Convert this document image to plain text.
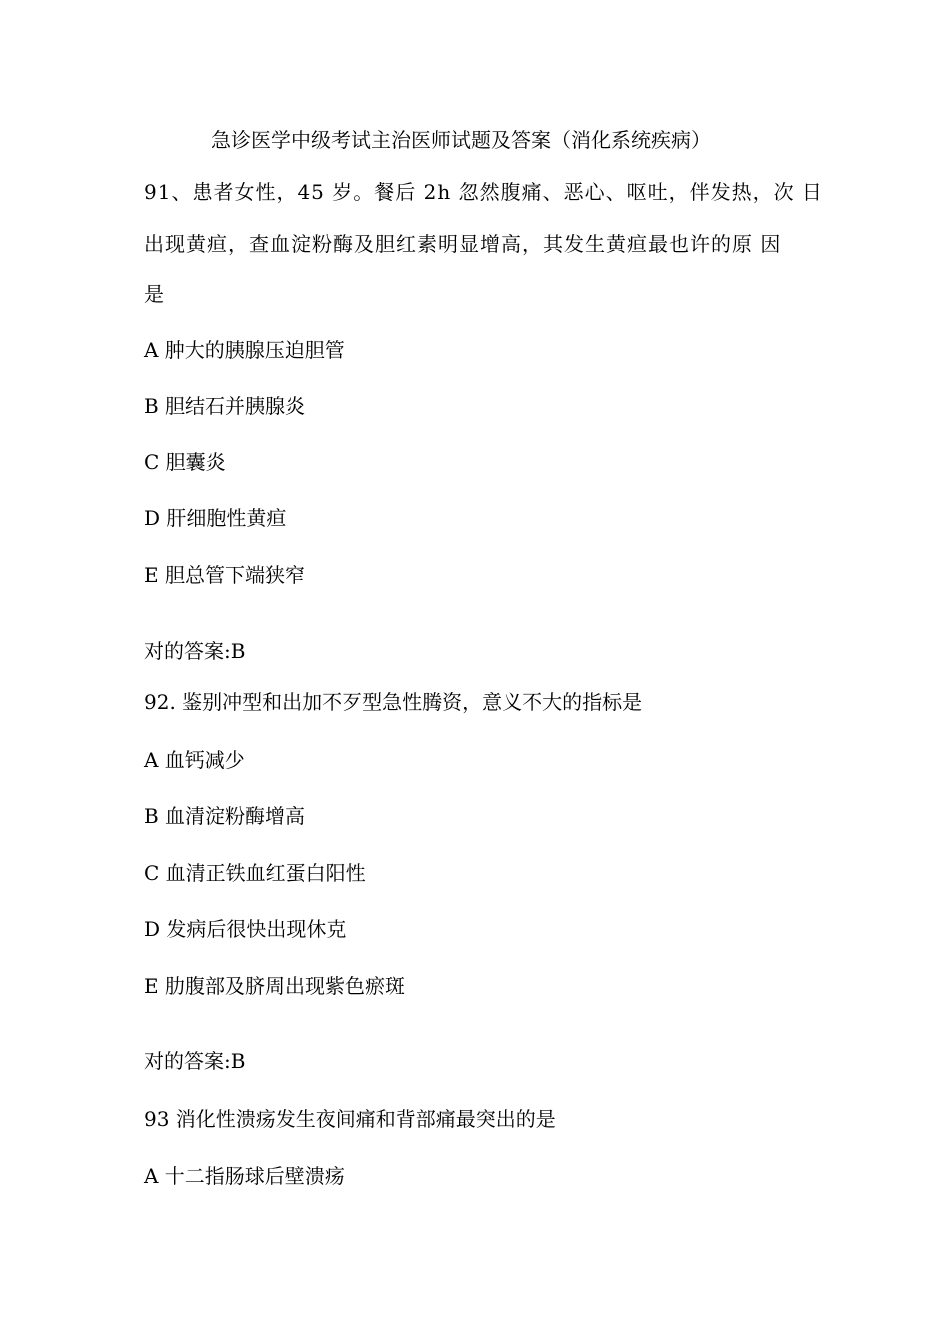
急诊医学中级考试主治医师试题及答案（消化系统疾病）
91、患者女性，45 岁。餐后 2h 忽然腹痛、恶心、呕吐，伴发热，次 日
出现黄疸，查血淀粉酶及胆红素明显增高，其发生黄疸最也许的原 因
是
A 肿大的胰腺压迫胆管
B 胆结石并胰腺炎
C 胆囊炎
D 肝细胞性黄疸
E 胆总管下端狭窄
对的答案:B
92. 鉴别冲型和出加不歹型急性腾资，意义不大的指标是
A 血钙减少
B 血清淀粉酶增高
C 血清正铁血红蛋白阳性
D 发病后很快出现休克
E 肋腹部及脐周出现紫色瘀斑
对的答案:B
93 消化性溃疡发生夜间痛和背部痛最突出的是
A 十二指肠球后壁溃疡
